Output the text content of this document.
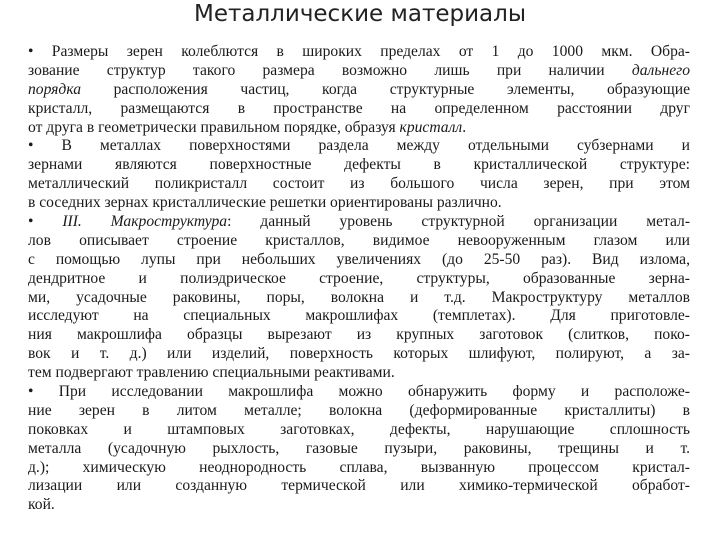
Металлические материалы
• Размеры зерен колеблются в широких пределах от 1 до 1000 мкм. Обра-
зование структур такого размера возможно лишь при наличии дальнего
порядка расположения частиц, когда структурные элементы, образующие
кристалл, размещаются в пространстве на определенном расстоянии друг
от друга в геометрически правильном порядке, образуя кристалл.
• В металлах поверхностями раздела между отдельными субзернами и
зернами являются поверхностные дефекты в кристаллической структуре:
металлический поликристалл состоит из большого числа зерен, при этом
в соседних зернах кристаллические решетки ориентированы различно.
• III. Макроструктура: данный уровень структурной организации метал-
лов описывает строение кристаллов, видимое невооруженным глазом или
с помощью лупы при небольших увеличениях (до 25-50 раз). Вид излома,
дендритное и полиэдрическое строение, структуры, образованные зерна-
ми, усадочные раковины, поры, волокна и т.д. Макроструктуру металлов
исследуют на специальных макрошлифах (темплетах). Для приготовле-
ния макрошлифа образцы вырезают из крупных заготовок (слитков, поко-
вок и т. д.) или изделий, поверхность которых шлифуют, полируют, а за-
тем подвергают травлению специальными реактивами.
• При исследовании макрошлифа можно обнаружить форму и расположе-
ние зерен в литом металле; волокна (деформированные кристаллиты) в
поковках и штамповых заготовках, дефекты, нарушающие сплошность
металла (усадочную рыхлость, газовые пузыри, раковины, трещины и т.
д.); химическую неоднородность сплава, вызванную процессом кристал-
лизации или созданную термической или химико-термической обработ-
кой.
